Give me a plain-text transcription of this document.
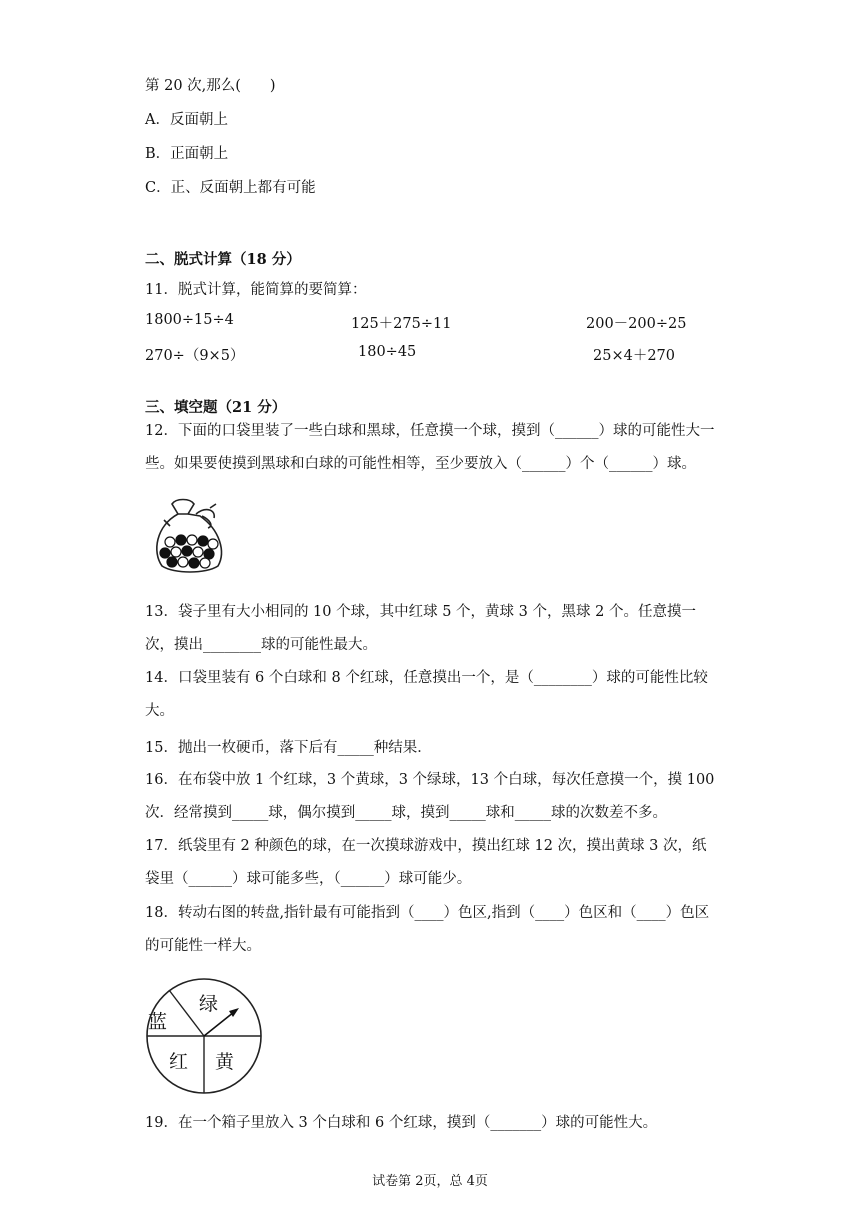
第 20 次,那么(　　)
A．反面朝上
B．正面朝上
C．正、反面朝上都有可能
二、脱式计算（18 分）
11．脱式计算，能简算的要简算：
1800÷15÷4	125＋275÷11	200－200÷25
270÷（9×5）	180÷45	25×4＋270
三、填空题（21 分）
12．下面的口袋里装了一些白球和黑球，任意摸一个球，摸到（______）球的可能性大一些。如果要使摸到黑球和白球的可能性相等，至少要放入（______）个（______）球。
13．袋子里有大小相同的 10 个球，其中红球 5 个，黄球 3 个，黑球 2 个。任意摸一次，摸出________球的可能性最大。
14．口袋里装有 6 个白球和 8 个红球，任意摸出一个，是（________）球的可能性比较大。
15．抛出一枚硬币，落下后有_____种结果．
16．在布袋中放 1 个红球，3 个黄球，3 个绿球，13 个白球，每次任意摸一个，摸 100 次．经常摸到_____球，偶尔摸到_____球，摸到_____球和_____球的次数差不多。
17．纸袋里有 2 种颜色的球，在一次摸球游戏中，摸出红球 12 次，摸出黄球 3 次，纸袋里（______）球可能多些，（______）球可能少。
18．转动右图的转盘,指针最有可能指到（____）色区,指到（____）色区和（____）色区的可能性一样大。
绿
蓝
红 黄
19．在一个箱子里放入 3 个白球和 6 个红球，摸到（_______）球的可能性大。
试卷第 2页，总 4页
